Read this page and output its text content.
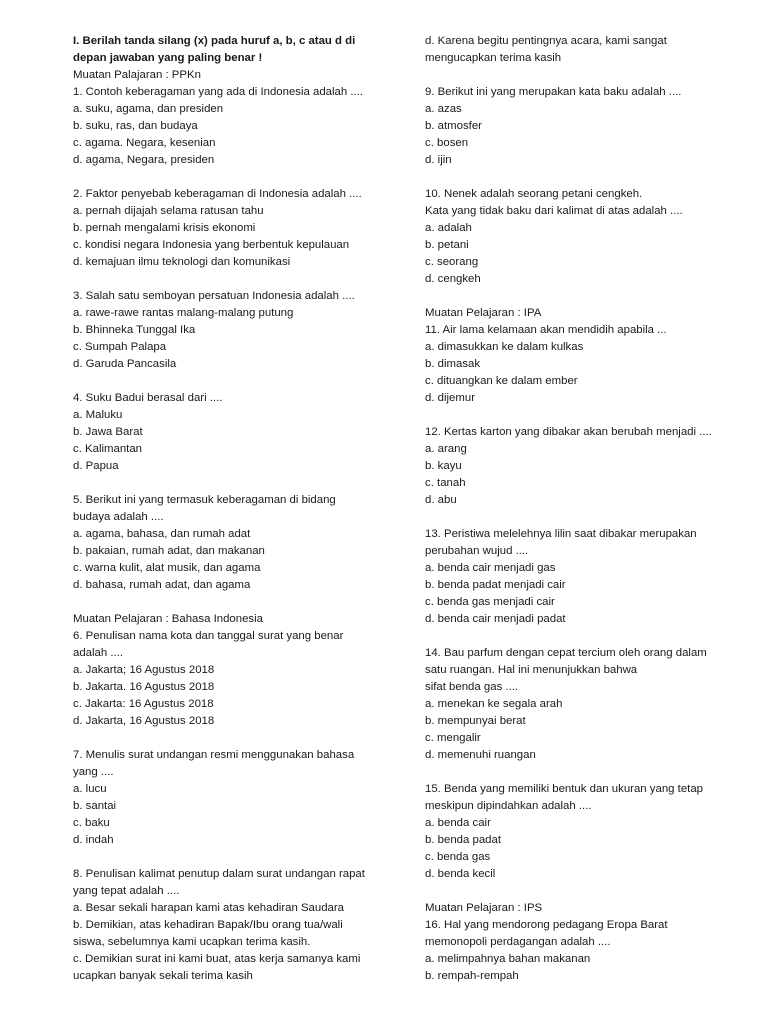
I. Berilah tanda silang (x) pada huruf a, b, c atau d di
depan jawaban yang paling benar !
Muatan Palajaran : PPKn
1. Contoh keberagaman yang ada di Indonesia adalah ....
a. suku, agama, dan presiden
b. suku, ras, dan budaya
c. agama. Negara, kesenian
d. agama, Negara, presiden
2. Faktor penyebab keberagaman di Indonesia adalah ....
a. pernah dijajah selama ratusan tahu
b. pernah mengalami krisis ekonomi
c. kondisi negara Indonesia yang berbentuk kepulauan
d. kemajuan ilmu teknologi dan komunikasi
3. Salah satu semboyan persatuan Indonesia adalah ....
a. rawe-rawe rantas malang-malang putung
b. Bhinneka Tunggal Ika
c. Sumpah Palapa
d. Garuda Pancasila
4. Suku Badui berasal dari ....
a. Maluku
b. Jawa Barat
c. Kalimantan
d. Papua
5. Berikut ini yang termasuk keberagaman di bidang
budaya adalah ....
a. agama, bahasa, dan rumah adat
b. pakaian, rumah adat, dan makanan
c. warna kulit, alat musik, dan agama
d. bahasa, rumah adat, dan agama
Muatan Pelajaran : Bahasa Indonesia
6. Penulisan nama kota dan tanggal surat yang benar
adalah ....
a. Jakarta; 16 Agustus 2018
b. Jakarta. 16 Agustus 2018
c. Jakarta: 16 Agustus 2018
d. Jakarta, 16 Agustus 2018
7. Menulis surat undangan resmi menggunakan bahasa
yang ....
a. lucu
b. santai
c. baku
d. indah
8. Penulisan kalimat penutup dalam surat undangan rapat
yang tepat adalah ....
a. Besar sekali harapan kami atas kehadiran Saudara
b. Demikian, atas kehadiran Bapak/Ibu orang tua/wali
siswa, sebelumnya kami ucapkan terima kasih.
c. Demikian surat ini kami buat, atas kerja samanya kami
ucapkan banyak sekali terima kasih
d. Karena begitu pentingnya acara, kami sangat
mengucapkan terima kasih
9. Berikut ini yang merupakan kata baku adalah ....
a. azas
b. atmosfer
c. bosen
d. ijin
10. Nenek adalah seorang petani cengkeh.
Kata yang tidak baku dari kalimat di atas adalah ....
a. adalah
b. petani
c. seorang
d. cengkeh
Muatan Pelajaran : IPA
11. Air lama kelamaan akan mendidih apabila ...
a. dimasukkan ke dalam kulkas
b. dimasak
c. dituangkan ke dalam ember
d. dijemur
12. Kertas karton yang dibakar akan berubah menjadi ....
a. arang
b. kayu
c. tanah
d. abu
13. Peristiwa melelehnya lilin saat dibakar merupakan
perubahan wujud ....
a. benda cair menjadi gas
b. benda padat menjadi cair
c. benda gas menjadi cair
d. benda cair menjadi padat
14. Bau parfum dengan cepat tercium oleh orang dalam
satu ruangan. Hal ini menunjukkan bahwa
sifat benda gas ....
a. menekan ke segala arah
b. mempunyai berat
c. mengalir
d. memenuhi ruangan
15. Benda yang memiliki bentuk dan ukuran yang tetap
meskipun dipindahkan adalah ....
a. benda cair
b. benda padat
c. benda gas
d. benda kecil
Muatan Pelajaran : IPS
16. Hal yang mendorong pedagang Eropa Barat
memonopoli perdagangan adalah ....
a. melimpahnya bahan makanan
b. rempah-rempah
